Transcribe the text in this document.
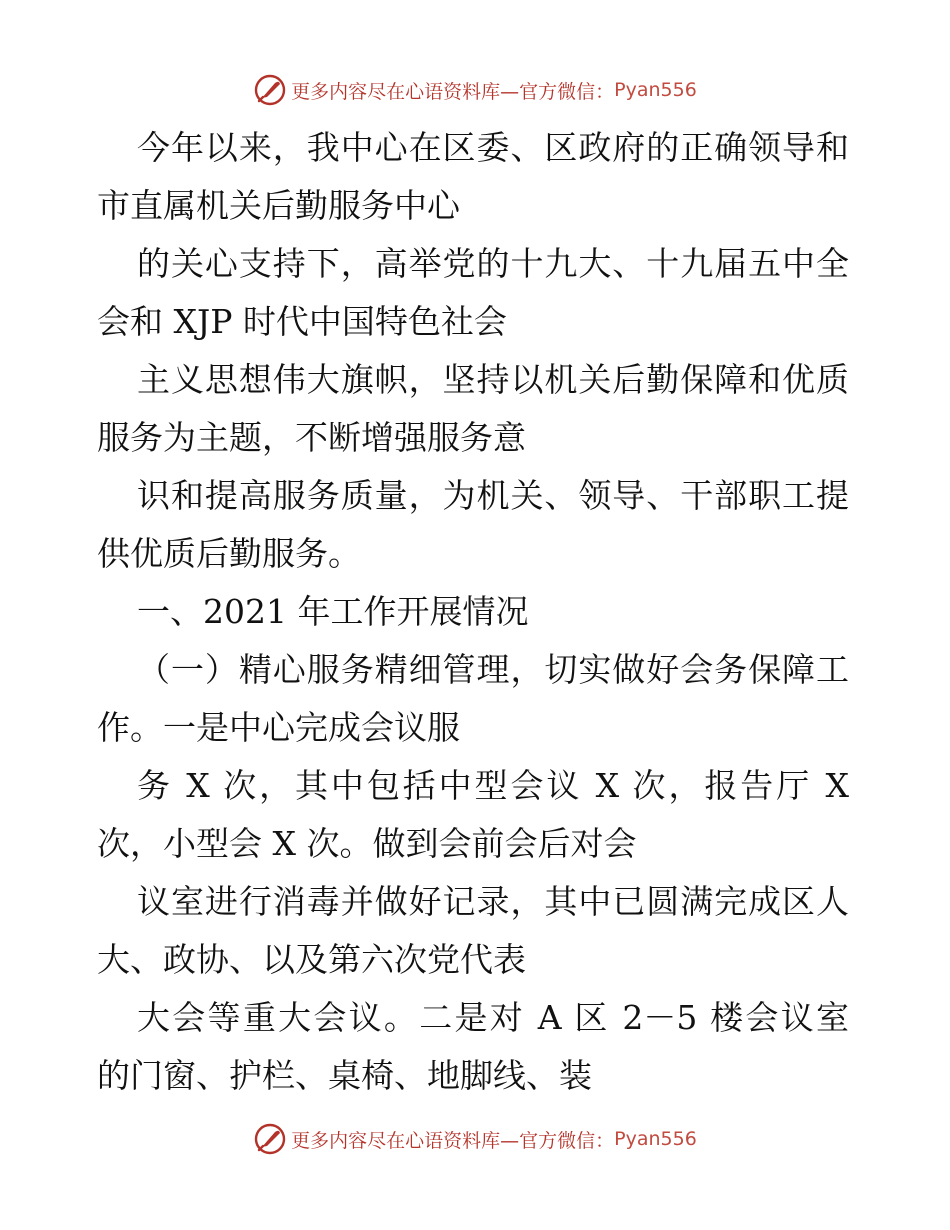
更多内容尽在心语资料库—官方微信： Pyan556
今年以来，我中心在区委、区政府的正确领导和
市直属机关后勤服务中心
的关心支持下，高举党的十九大、十九届五中全
会和 XJP 时代中国特色社会
主义思想伟大旗帜，坚持以机关后勤保障和优质
服务为主题，不断增强服务意
识和提高服务质量，为机关、领导、干部职工提
供优质后勤服务。
一、2021 年工作开展情况
（一）精心服务精细管理，切实做好会务保障工
作。一是中心完成会议服
务 X 次，其中包括中型会议 X 次，报告厅 X
次，小型会 X 次。做到会前会后对会
议室进行消毒并做好记录，其中已圆满完成区人
大、政协、以及第六次党代表
大会等重大会议。二是对 A 区 2－5 楼会议室
的门窗、护栏、桌椅、地脚线、装
更多内容尽在心语资料库—官方微信： Pyan556
